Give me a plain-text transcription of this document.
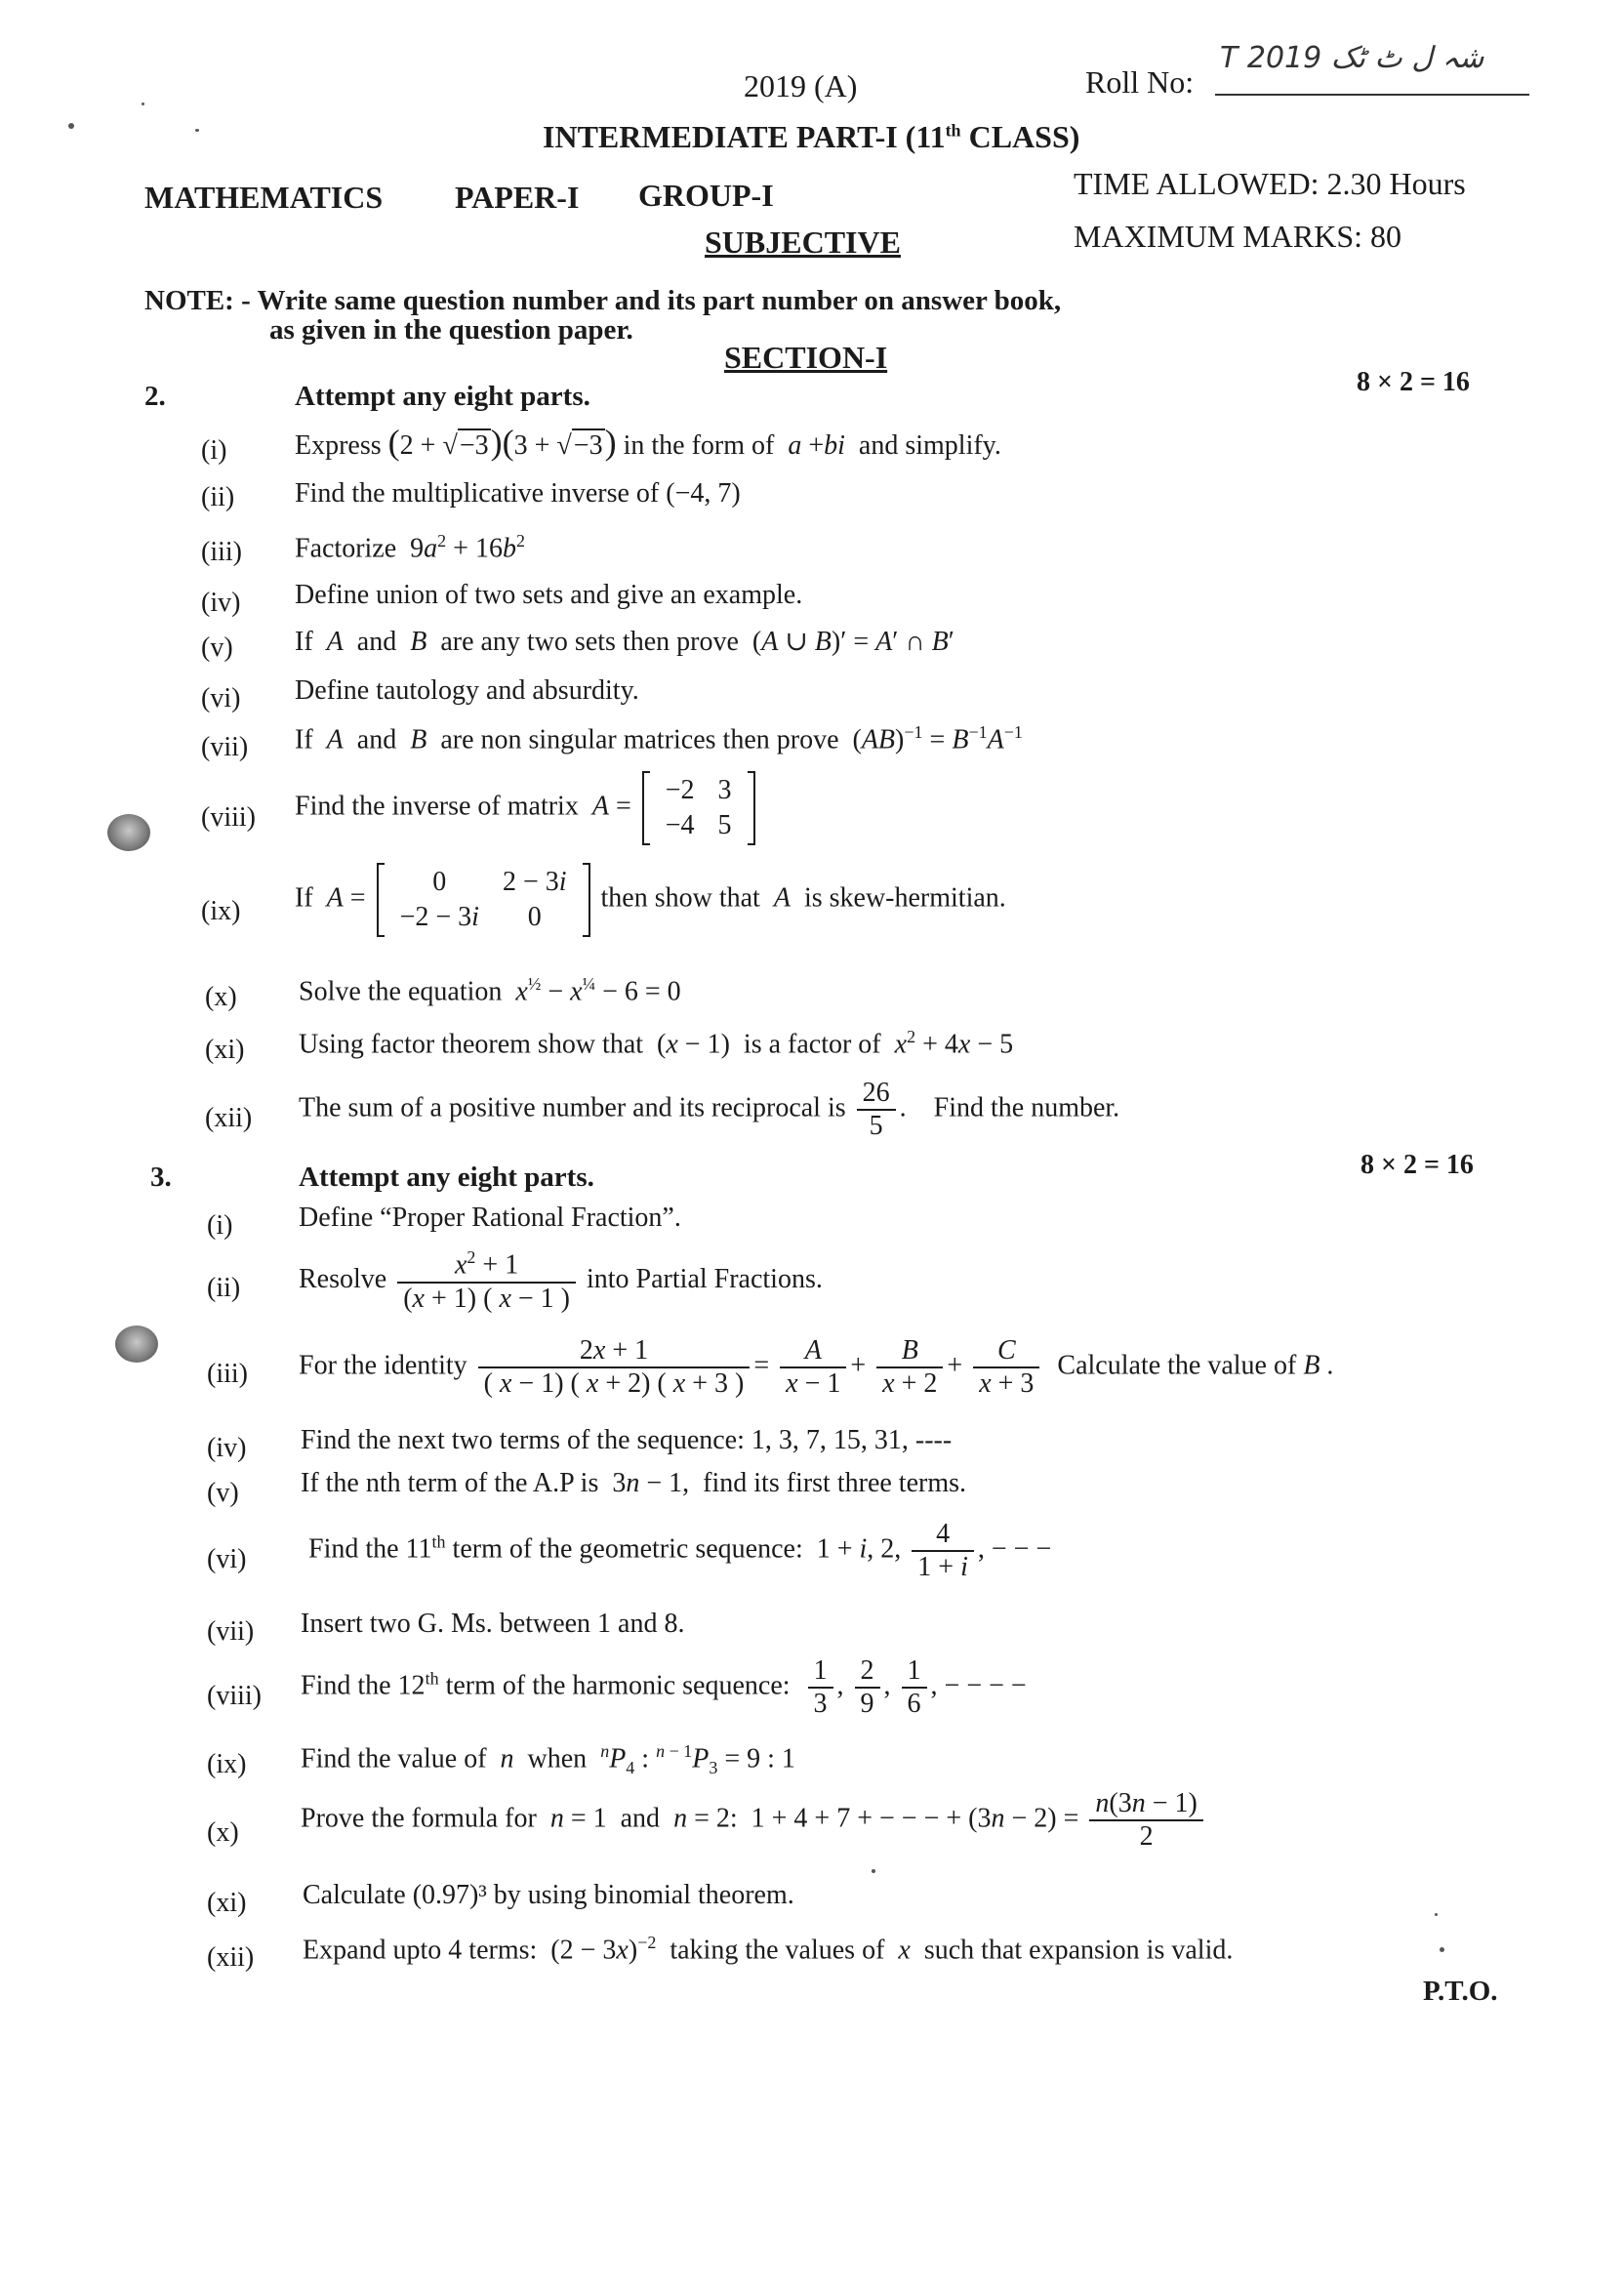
2019 (A)	Roll No:
T شہ ل ٹ ٹک 2019
INTERMEDIATE PART-I (11th CLASS)
MATHEMATICS PAPER-I GROUP-I	TIME ALLOWED: 2.30 Hours
SUBJECTIVE	MAXIMUM MARKS: 80
NOTE: - Write same question number and its part number on answer book,
as given in the question paper.
SECTION-I
2.	Attempt any eight parts.	8 × 2 = 16
(i) Express (2 + √−3)(3 + √−3) in the form of a +bi and simplify.
(ii) Find the multiplicative inverse of (−4, 7)
(iii) Factorize  $9a^2 + 16b^2$
(iv) Define union of two sets and give an example.
(v) If A and B are any two sets then prove  (A ∪ B)′ = A′ ∩ B′
(vi) Define tautology and absurdity.
(vii) If A and B are non singular matrices then prove  $(AB)^{-1} = B^{-1}A^{-1}$
(viii) Find the inverse of matrix A =
−2	3
−4	5
(ix) If A =
0	2 − 3i
−2 − 3i	0
then show that A is skew-hermitian.
(x) Solve the equation $x^{\frac{1}{2}} - x^{\frac{1}{4}} - 6 = 0$
(xi) Using factor theorem show that  (x − 1)  is a factor of $x^2 + 4x - 5$
(xii) The sum of a positive number and its reciprocal is $\frac{26}{5}$ .    Find the number.
3.	Attempt any eight parts.	8 × 2 = 16
(i) Define “Proper Rational Fraction”.
(ii) Resolve $\frac{x^2 + 1}{(x + 1) ( x - 1 )}$ into Partial Fractions.
(iii) For the identity $\frac{2x + 1}{( x - 1) ( x + 2) ( x + 3 )} = \frac{A}{x - 1} + \frac{B}{x + 2} + \frac{C}{x + 3}$ Calculate the value of B .
(iv) Find the next two terms of the sequence: 1, 3, 7, 15, 31, ----
(v) If the nth term of the A.P is  3n − 1,  find its first three terms.
(vi) Find the 11th term of the geometric sequence:  1 + i, 2, $\frac{4}{1 + i}$ , − − −
(vii) Insert two G. Ms. between 1 and 8.
(viii) Find the 12th term of the harmonic sequence: $\frac{1}{3}$ , $\frac{2}{9}$ , $\frac{1}{6}$ , − − − −
(ix) Find the value of n when $^nP_4$ : $^{n - 1}P_3 = 9$ : 1
(x) Prove the formula for n = 1  and n = 2:  1 + 4 + 7 + − − − + $(3n - 2) = \frac{n(3n - 1)}{2}$
(xi) Calculate (0.97)³ by using binomial theorem.
(xii) Expand upto 4 terms:  $(2 - 3x)^{-2}$ taking the values of x such that expansion is valid.
P.T.O.
